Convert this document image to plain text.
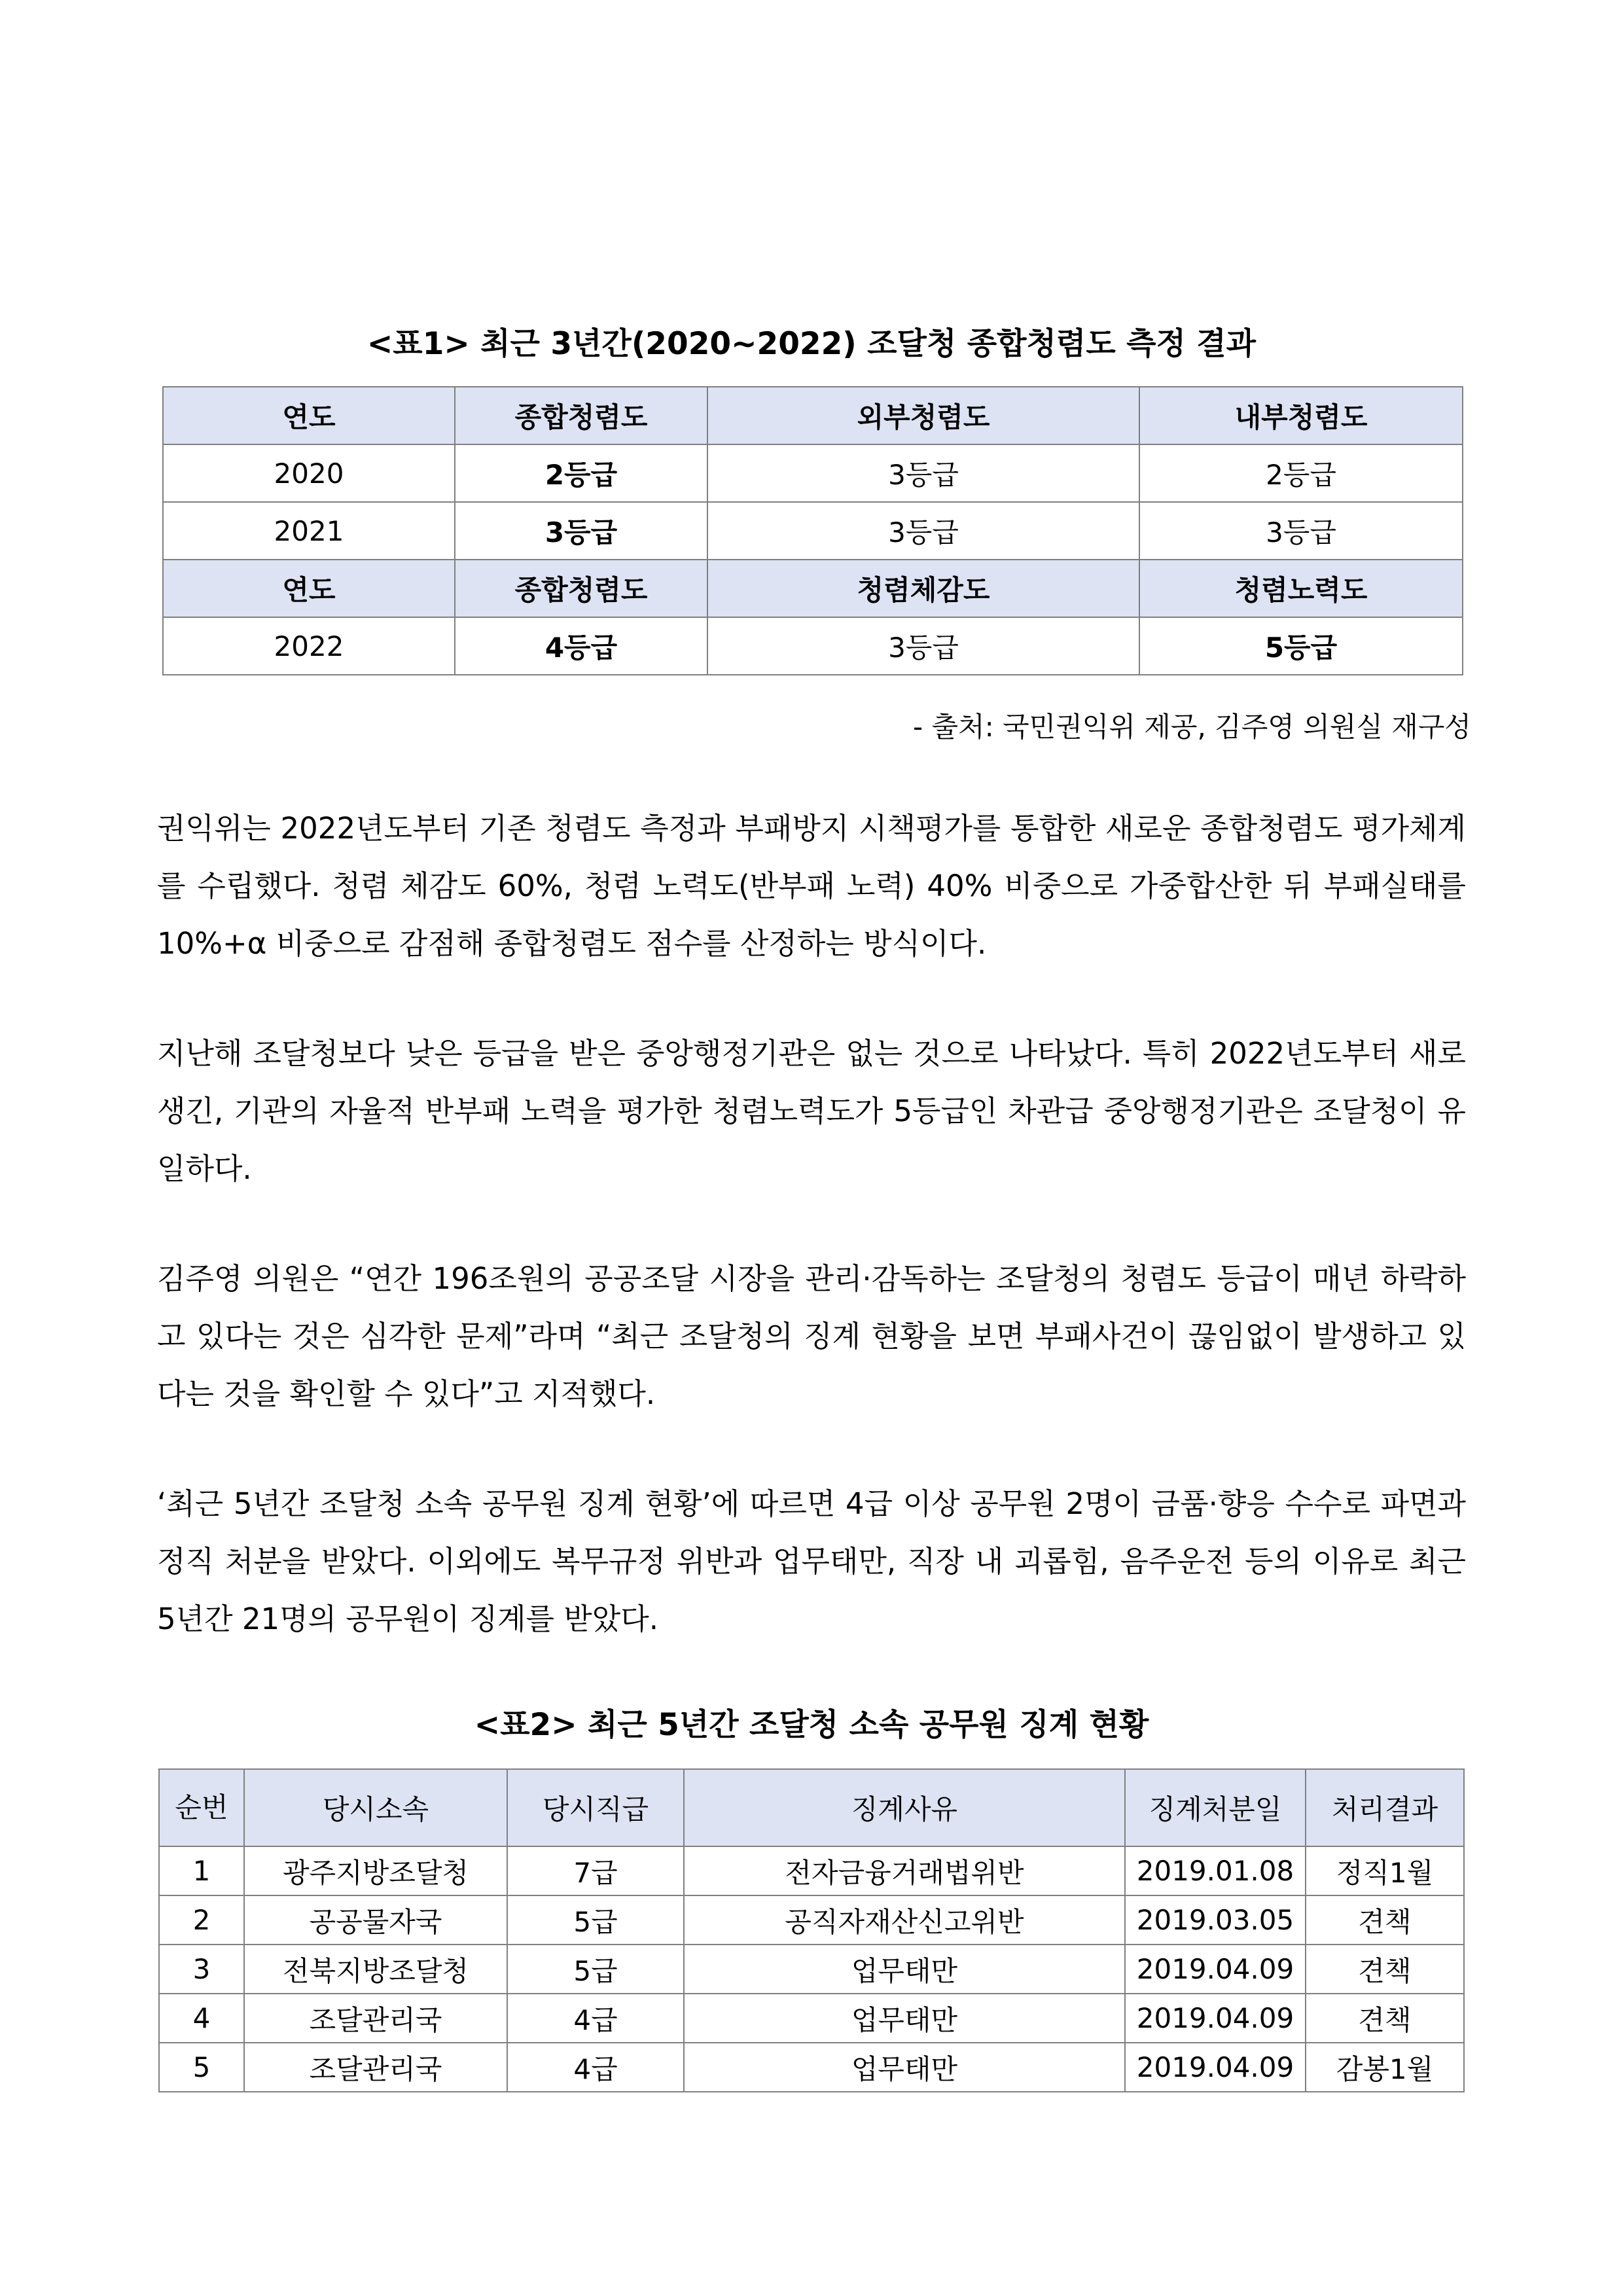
<표1> 최근 3년간(2020~2022) 조달청 종합청렴도 측정 결과
연도	종합청렴도	외부청렴도	내부청렴도
2020	2등급	3등급	2등급
2021	3등급	3등급	3등급
연도	종합청렴도	청렴체감도	청렴노력도
2022	4등급	3등급	5등급
- 출처: 국민권익위 제공, 김주영 의원실 재구성
권익위는 2022년도부터 기존 청렴도 측정과 부패방지 시책평가를 통합한 새로운 종합청렴도 평가체계를 수립했다. 청렴 체감도 60%, 청렴 노력도(반부패 노력) 40% 비중으로 가중합산한 뒤 부패실태를 10%+α 비중으로 감점해 종합청렴도 점수를 산정하는 방식이다.
지난해 조달청보다 낮은 등급을 받은 중앙행정기관은 없는 것으로 나타났다. 특히 2022년도부터 새로 생긴, 기관의 자율적 반부패 노력을 평가한 청렴노력도가 5등급인 차관급 중앙행정기관은 조달청이 유일하다.
김주영 의원은 “연간 196조원의 공공조달 시장을 관리·감독하는 조달청의 청렴도 등급이 매년 하락하고 있다는 것은 심각한 문제”라며 “최근 조달청의 징계 현황을 보면 부패사건이 끊임없이 발생하고 있다는 것을 확인할 수 있다”고 지적했다.
‘최근 5년간 조달청 소속 공무원 징계 현황’에 따르면 4급 이상 공무원 2명이 금품·향응 수수로 파면과 정직 처분을 받았다. 이외에도 복무규정 위반과 업무태만, 직장 내 괴롭힘, 음주운전 등의 이유로 최근 5년간 21명의 공무원이 징계를 받았다.
<표2> 최근 5년간 조달청 소속 공무원 징계 현황
순번	당시소속	당시직급	징계사유	징계처분일	처리결과
1	광주지방조달청	7급	전자금융거래법위반	2019.01.08	정직1월
2	공공물자국	5급	공직자재산신고위반	2019.03.05	견책
3	전북지방조달청	5급	업무태만	2019.04.09	견책
4	조달관리국	4급	업무태만	2019.04.09	견책
5	조달관리국	4급	업무태만	2019.04.09	감봉1월
